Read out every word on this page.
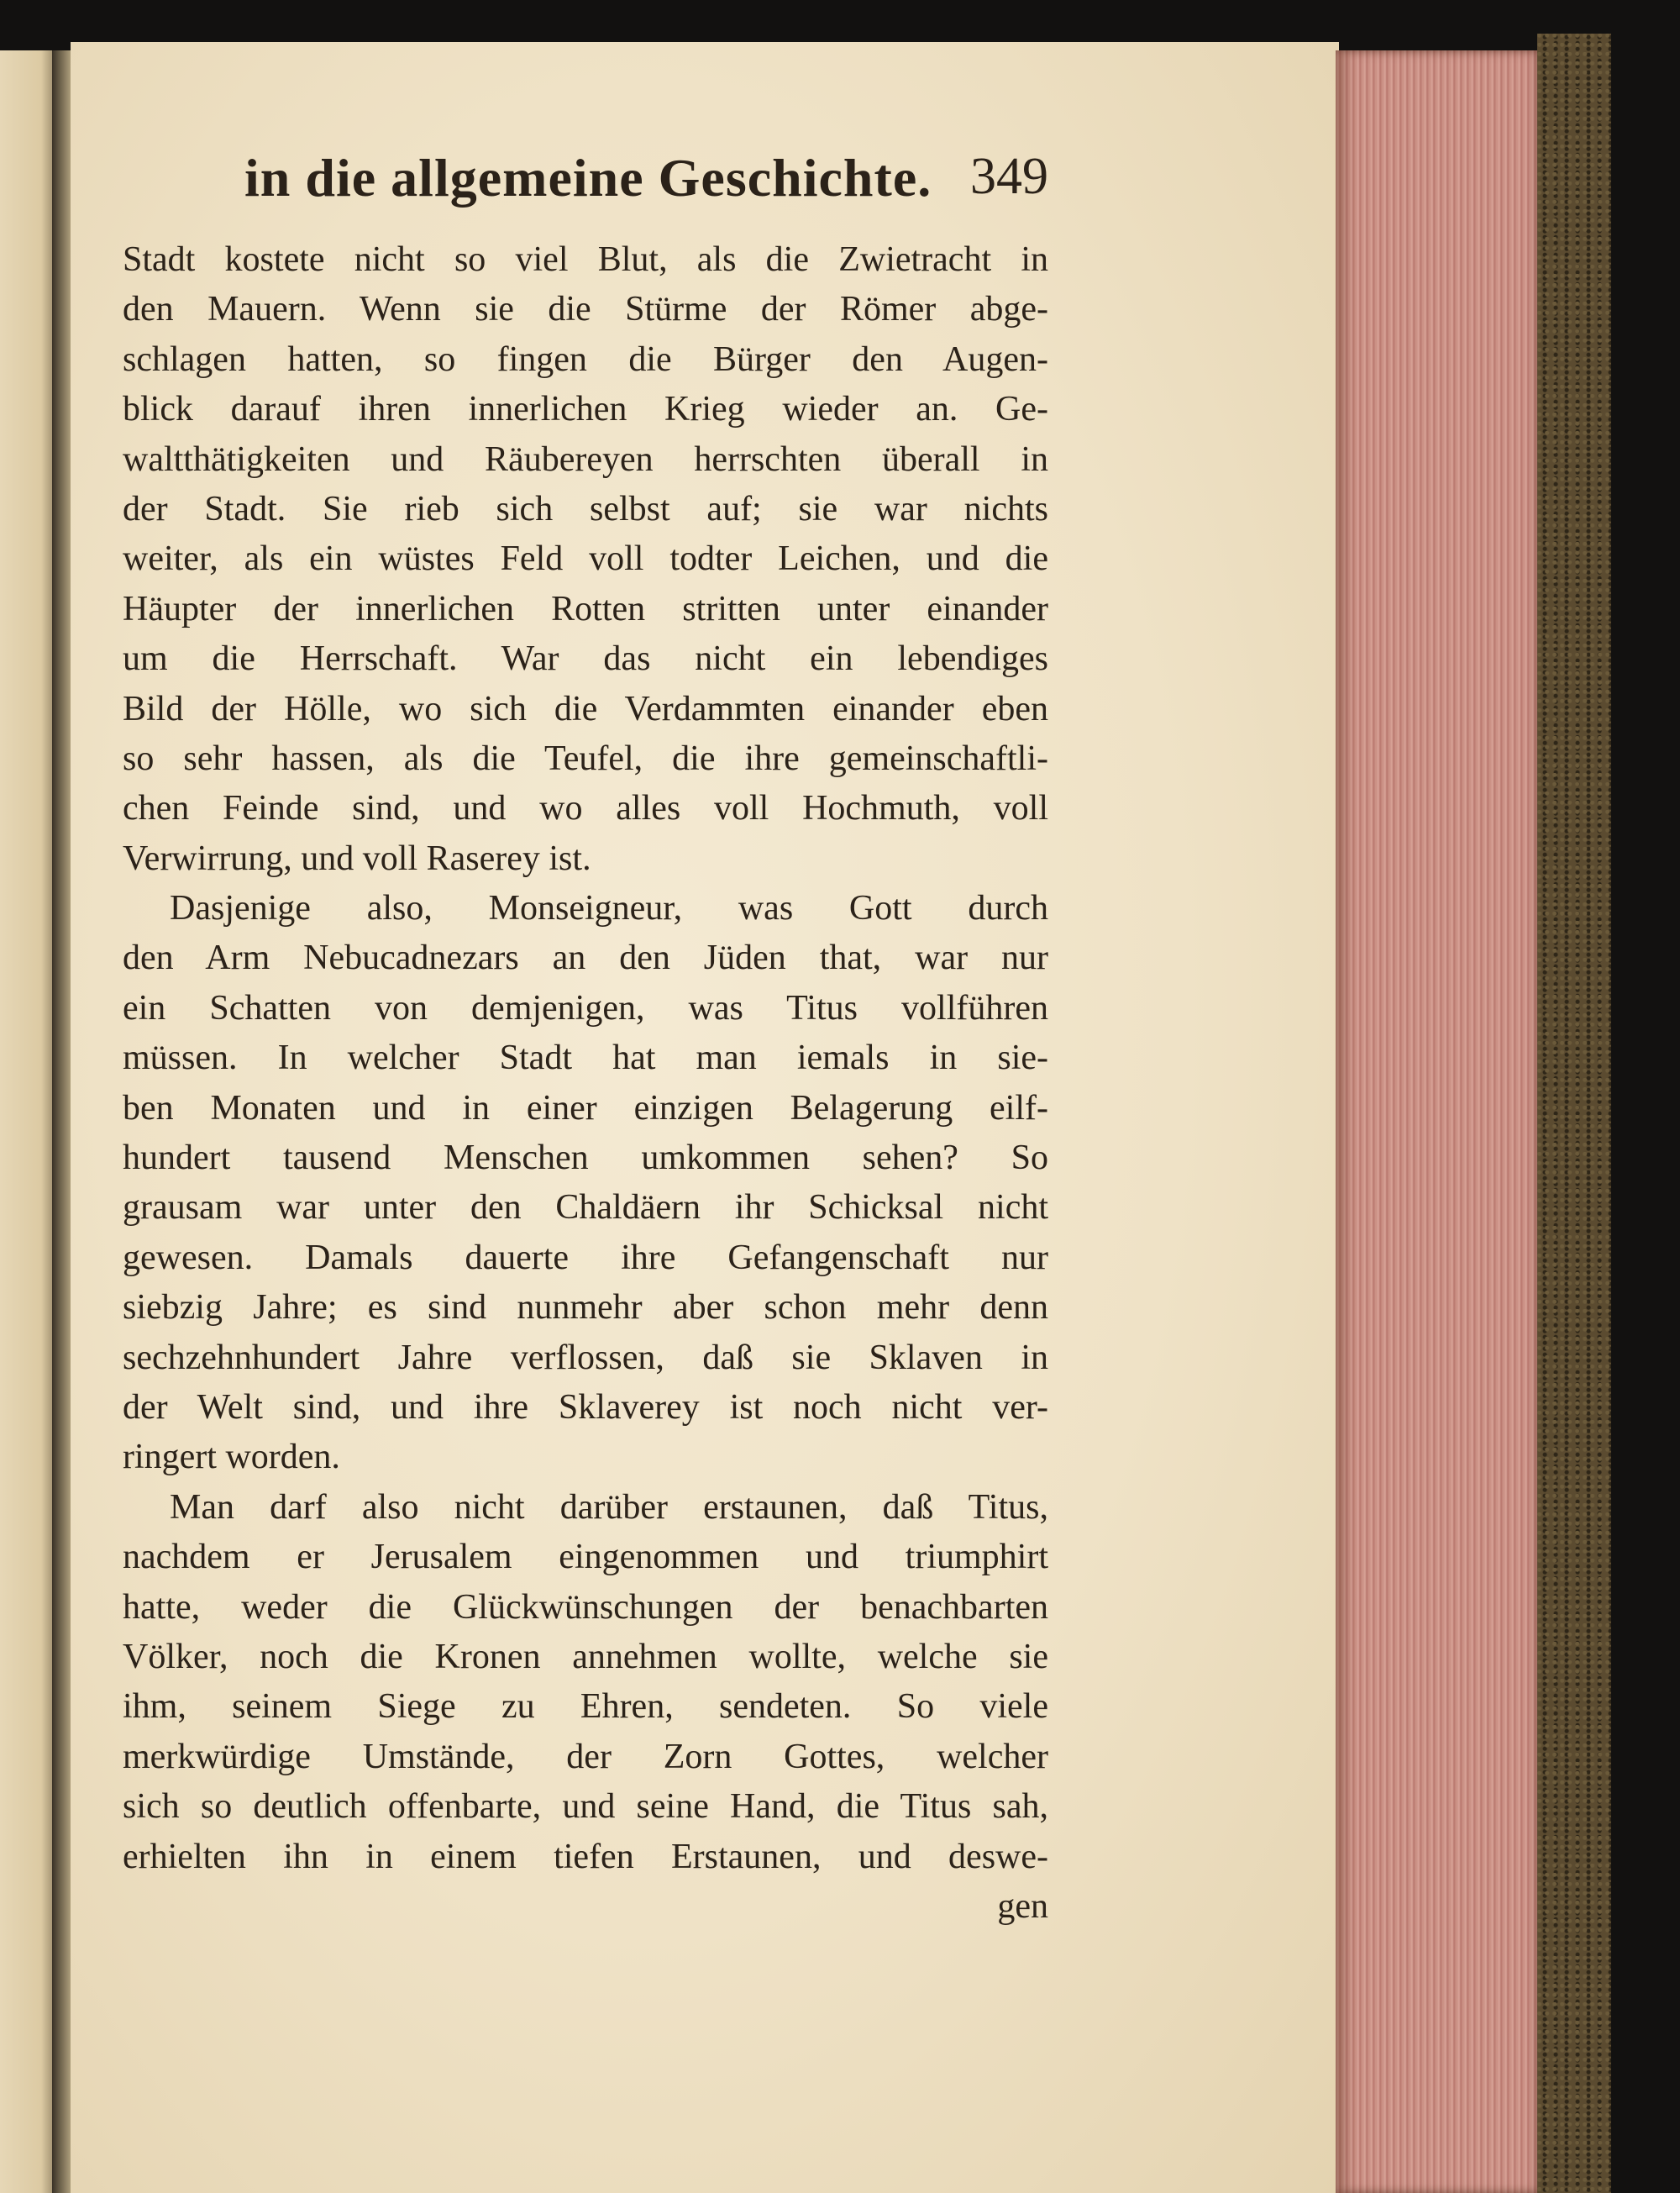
in die allgemeine Geschichte. 349
Stadt kostete nicht so viel Blut, als die Zwietracht in
den Mauern. Wenn sie die Stürme der Römer abge-
schlagen hatten, so fingen die Bürger den Augen-
blick darauf ihren innerlichen Krieg wieder an. Ge-
waltthätigkeiten und Räubereyen herrschten überall in
der Stadt. Sie rieb sich selbst auf; sie war nichts
weiter, als ein wüstes Feld voll todter Leichen, und die
Häupter der innerlichen Rotten stritten unter einander
um die Herrschaft. War das nicht ein lebendiges
Bild der Hölle, wo sich die Verdammten einander eben
so sehr hassen, als die Teufel, die ihre gemeinschaftli-
chen Feinde sind, und wo alles voll Hochmuth, voll
Verwirrung, und voll Raserey ist.
Dasjenige also, Monseigneur, was Gott durch
den Arm Nebucadnezars an den Jüden that, war nur
ein Schatten von demjenigen, was Titus vollführen
müssen. In welcher Stadt hat man iemals in sie-
ben Monaten und in einer einzigen Belagerung eilf-
hundert tausend Menschen umkommen sehen? So
grausam war unter den Chaldäern ihr Schicksal nicht
gewesen. Damals dauerte ihre Gefangenschaft nur
siebzig Jahre; es sind nunmehr aber schon mehr denn
sechzehnhundert Jahre verflossen, daß sie Sklaven in
der Welt sind, und ihre Sklaverey ist noch nicht ver-
ringert worden.
Man darf also nicht darüber erstaunen, daß Titus,
nachdem er Jerusalem eingenommen und triumphirt
hatte, weder die Glückwünschungen der benachbarten
Völker, noch die Kronen annehmen wollte, welche sie
ihm, seinem Siege zu Ehren, sendeten. So viele
merkwürdige Umstände, der Zorn Gottes, welcher
sich so deutlich offenbarte, und seine Hand, die Titus sah,
erhielten ihn in einem tiefen Erstaunen, und deswe-
gen
